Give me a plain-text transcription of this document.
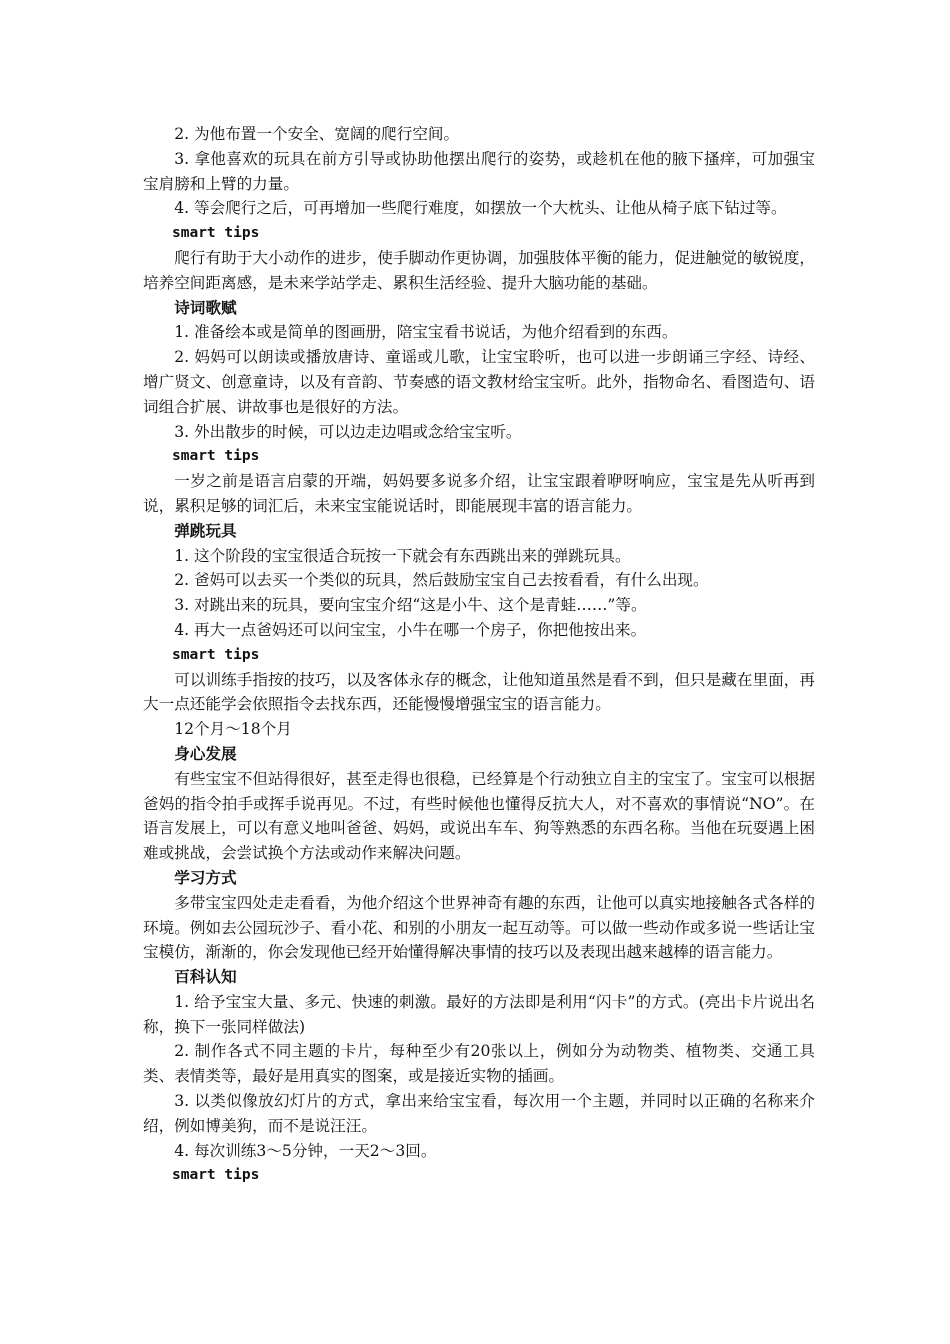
2. 为他布置一个安全、宽阔的爬行空间。

3. 拿他喜欢的玩具在前方引导或协助他摆出爬行的姿势，或趁机在他的腋下搔痒，可加强宝宝肩膀和上臂的力量。

4. 等会爬行之后，可再增加一些爬行难度，如摆放一个大枕头、让他从椅子底下钻过等。

smart tips

爬行有助于大小动作的进步，使手脚动作更协调，加强肢体平衡的能力，促进触觉的敏锐度，培养空间距离感，是未来学站学走、累积生活经验、提升大脑功能的基础。

诗词歌赋

1. 准备绘本或是简单的图画册，陪宝宝看书说话，为他介绍看到的东西。

2. 妈妈可以朗读或播放唐诗、童谣或儿歌，让宝宝聆听，也可以进一步朗诵三字经、诗经、增广贤文、创意童诗，以及有音韵、节奏感的语文教材给宝宝听。此外，指物命名、看图造句、语词组合扩展、讲故事也是很好的方法。

3. 外出散步的时候，可以边走边唱或念给宝宝听。

smart tips

一岁之前是语言启蒙的开端，妈妈要多说多介绍，让宝宝跟着咿呀响应，宝宝是先从听再到说，累积足够的词汇后，未来宝宝能说话时，即能展现丰富的语言能力。

弹跳玩具

1. 这个阶段的宝宝很适合玩按一下就会有东西跳出来的弹跳玩具。

2. 爸妈可以去买一个类似的玩具，然后鼓励宝宝自己去按看看，有什么出现。

3. 对跳出来的玩具，要向宝宝介绍“这是小牛、这个是青蛙……”等。

4. 再大一点爸妈还可以问宝宝，小牛在哪一个房子，你把他按出来。

smart tips

可以训练手指按的技巧，以及客体永存的概念，让他知道虽然是看不到，但只是藏在里面，再大一点还能学会依照指令去找东西，还能慢慢增强宝宝的语言能力。

12个月～18个月

身心发展

有些宝宝不但站得很好，甚至走得也很稳，已经算是个行动独立自主的宝宝了。宝宝可以根据爸妈的指令拍手或挥手说再见。不过，有些时候他也懂得反抗大人，对不喜欢的事情说“NO”。在语言发展上，可以有意义地叫爸爸、妈妈，或说出车车、狗等熟悉的东西名称。当他在玩耍遇上困难或挑战，会尝试换个方法或动作来解决问题。

学习方式

多带宝宝四处走走看看，为他介绍这个世界神奇有趣的东西，让他可以真实地接触各式各样的环境。例如去公园玩沙子、看小花、和别的小朋友一起互动等。可以做一些动作或多说一些话让宝宝模仿，渐渐的，你会发现他已经开始懂得解决事情的技巧以及表现出越来越棒的语言能力。

百科认知

1. 给予宝宝大量、多元、快速的刺激。最好的方法即是利用“闪卡”的方式。(亮出卡片说出名称，换下一张同样做法)

2. 制作各式不同主题的卡片，每种至少有20张以上，例如分为动物类、植物类、交通工具类、表情类等，最好是用真实的图案，或是接近实物的插画。

3. 以类似像放幻灯片的方式，拿出来给宝宝看，每次用一个主题，并同时以正确的名称来介绍，例如博美狗，而不是说汪汪。

4. 每次训练3～5分钟，一天2～3回。

smart tips
